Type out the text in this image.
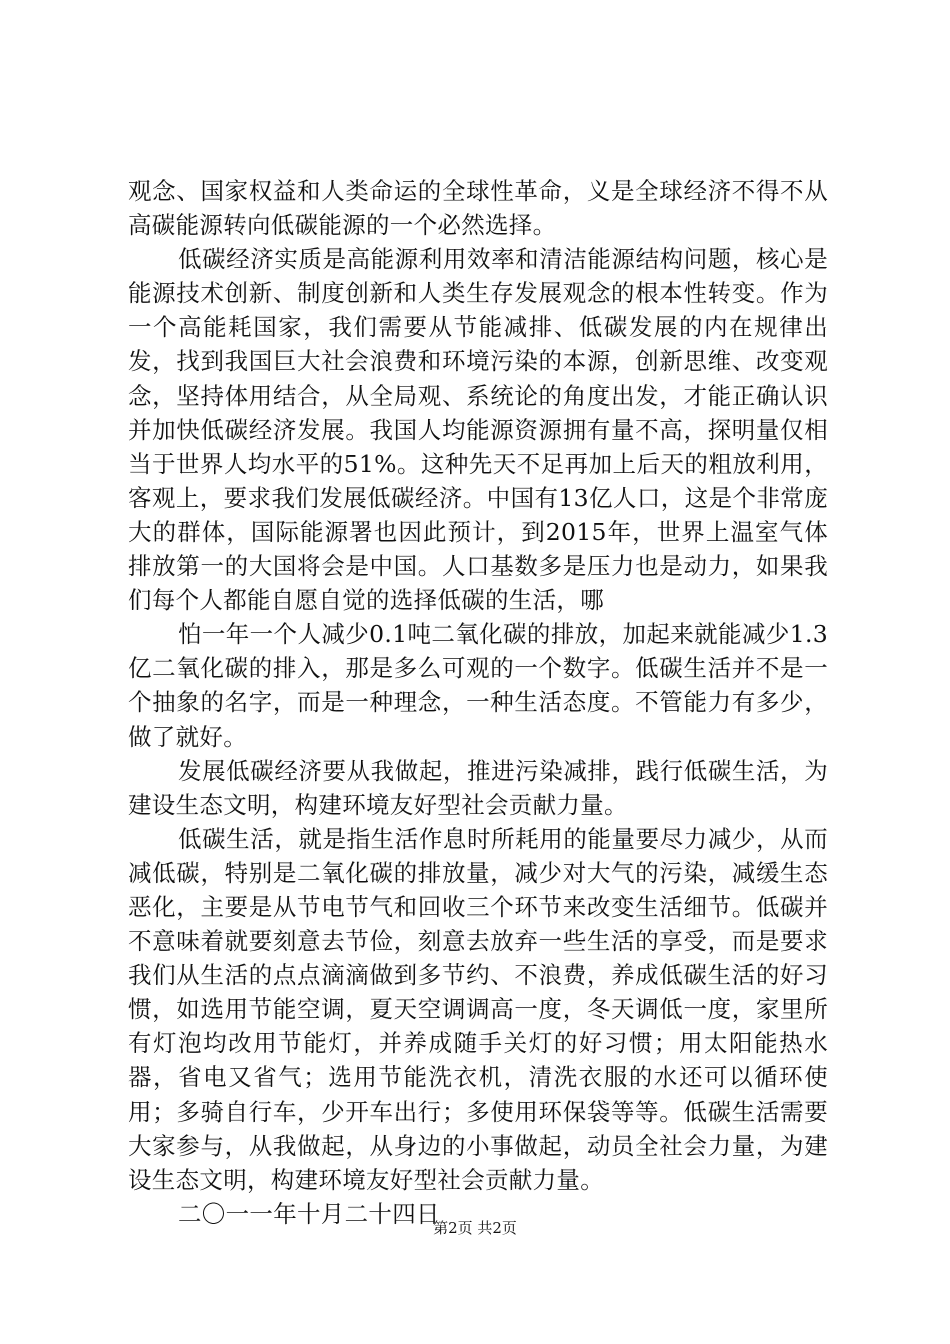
观念、国家权益和人类命运的全球性革命，义是全球经济不得不从高碳能源转向低碳能源的一个必然选择。

低碳经济实质是高能源利用效率和清洁能源结构问题，核心是能源技术创新、制度创新和人类生存发展观念的根本性转变。作为一个高能耗国家，我们需要从节能减排、低碳发展的内在规律出发，找到我国巨大社会浪费和环境污染的本源，创新思维、改变观念，坚持体用结合，从全局观、系统论的角度出发，才能正确认识并加快低碳经济发展。我国人均能源资源拥有量不高，探明量仅相当于世界人均水平的51%。这种先天不足再加上后天的粗放利用，客观上，要求我们发展低碳经济。中国有13亿人口，这是个非常庞大的群体，国际能源署也因此预计，到2015年，世界上温室气体排放第一的大国将会是中国。人口基数多是压力也是动力，如果我们每个人都能自愿自觉的选择低碳的生活，哪

怕一年一个人减少0.1吨二氧化碳的排放，加起来就能减少1.3亿二氧化碳的排入，那是多么可观的一个数字。低碳生活并不是一个抽象的名字，而是一种理念，一种生活态度。不管能力有多少，做了就好。

发展低碳经济要从我做起，推进污染减排，践行低碳生活，为建设生态文明，构建环境友好型社会贡献力量。

低碳生活，就是指生活作息时所耗用的能量要尽力减少，从而减低碳，特别是二氧化碳的排放量，减少对大气的污染，减缓生态恶化，主要是从节电节气和回收三个环节来改变生活细节。低碳并不意味着就要刻意去节俭，刻意去放弃一些生活的享受，而是要求我们从生活的点点滴滴做到多节约、不浪费，养成低碳生活的好习惯，如选用节能空调，夏天空调调高一度，冬天调低一度，家里所有灯泡均改用节能灯，并养成随手关灯的好习惯；用太阳能热水器，省电又省气；选用节能洗衣机，清洗衣服的水还可以循环使用；多骑自行车，少开车出行；多使用环保袋等等。低碳生活需要大家参与，从我做起，从身边的小事做起，动员全社会力量，为建设生态文明，构建环境友好型社会贡献力量。

二〇一一年十月二十四日

第2页 共2页
